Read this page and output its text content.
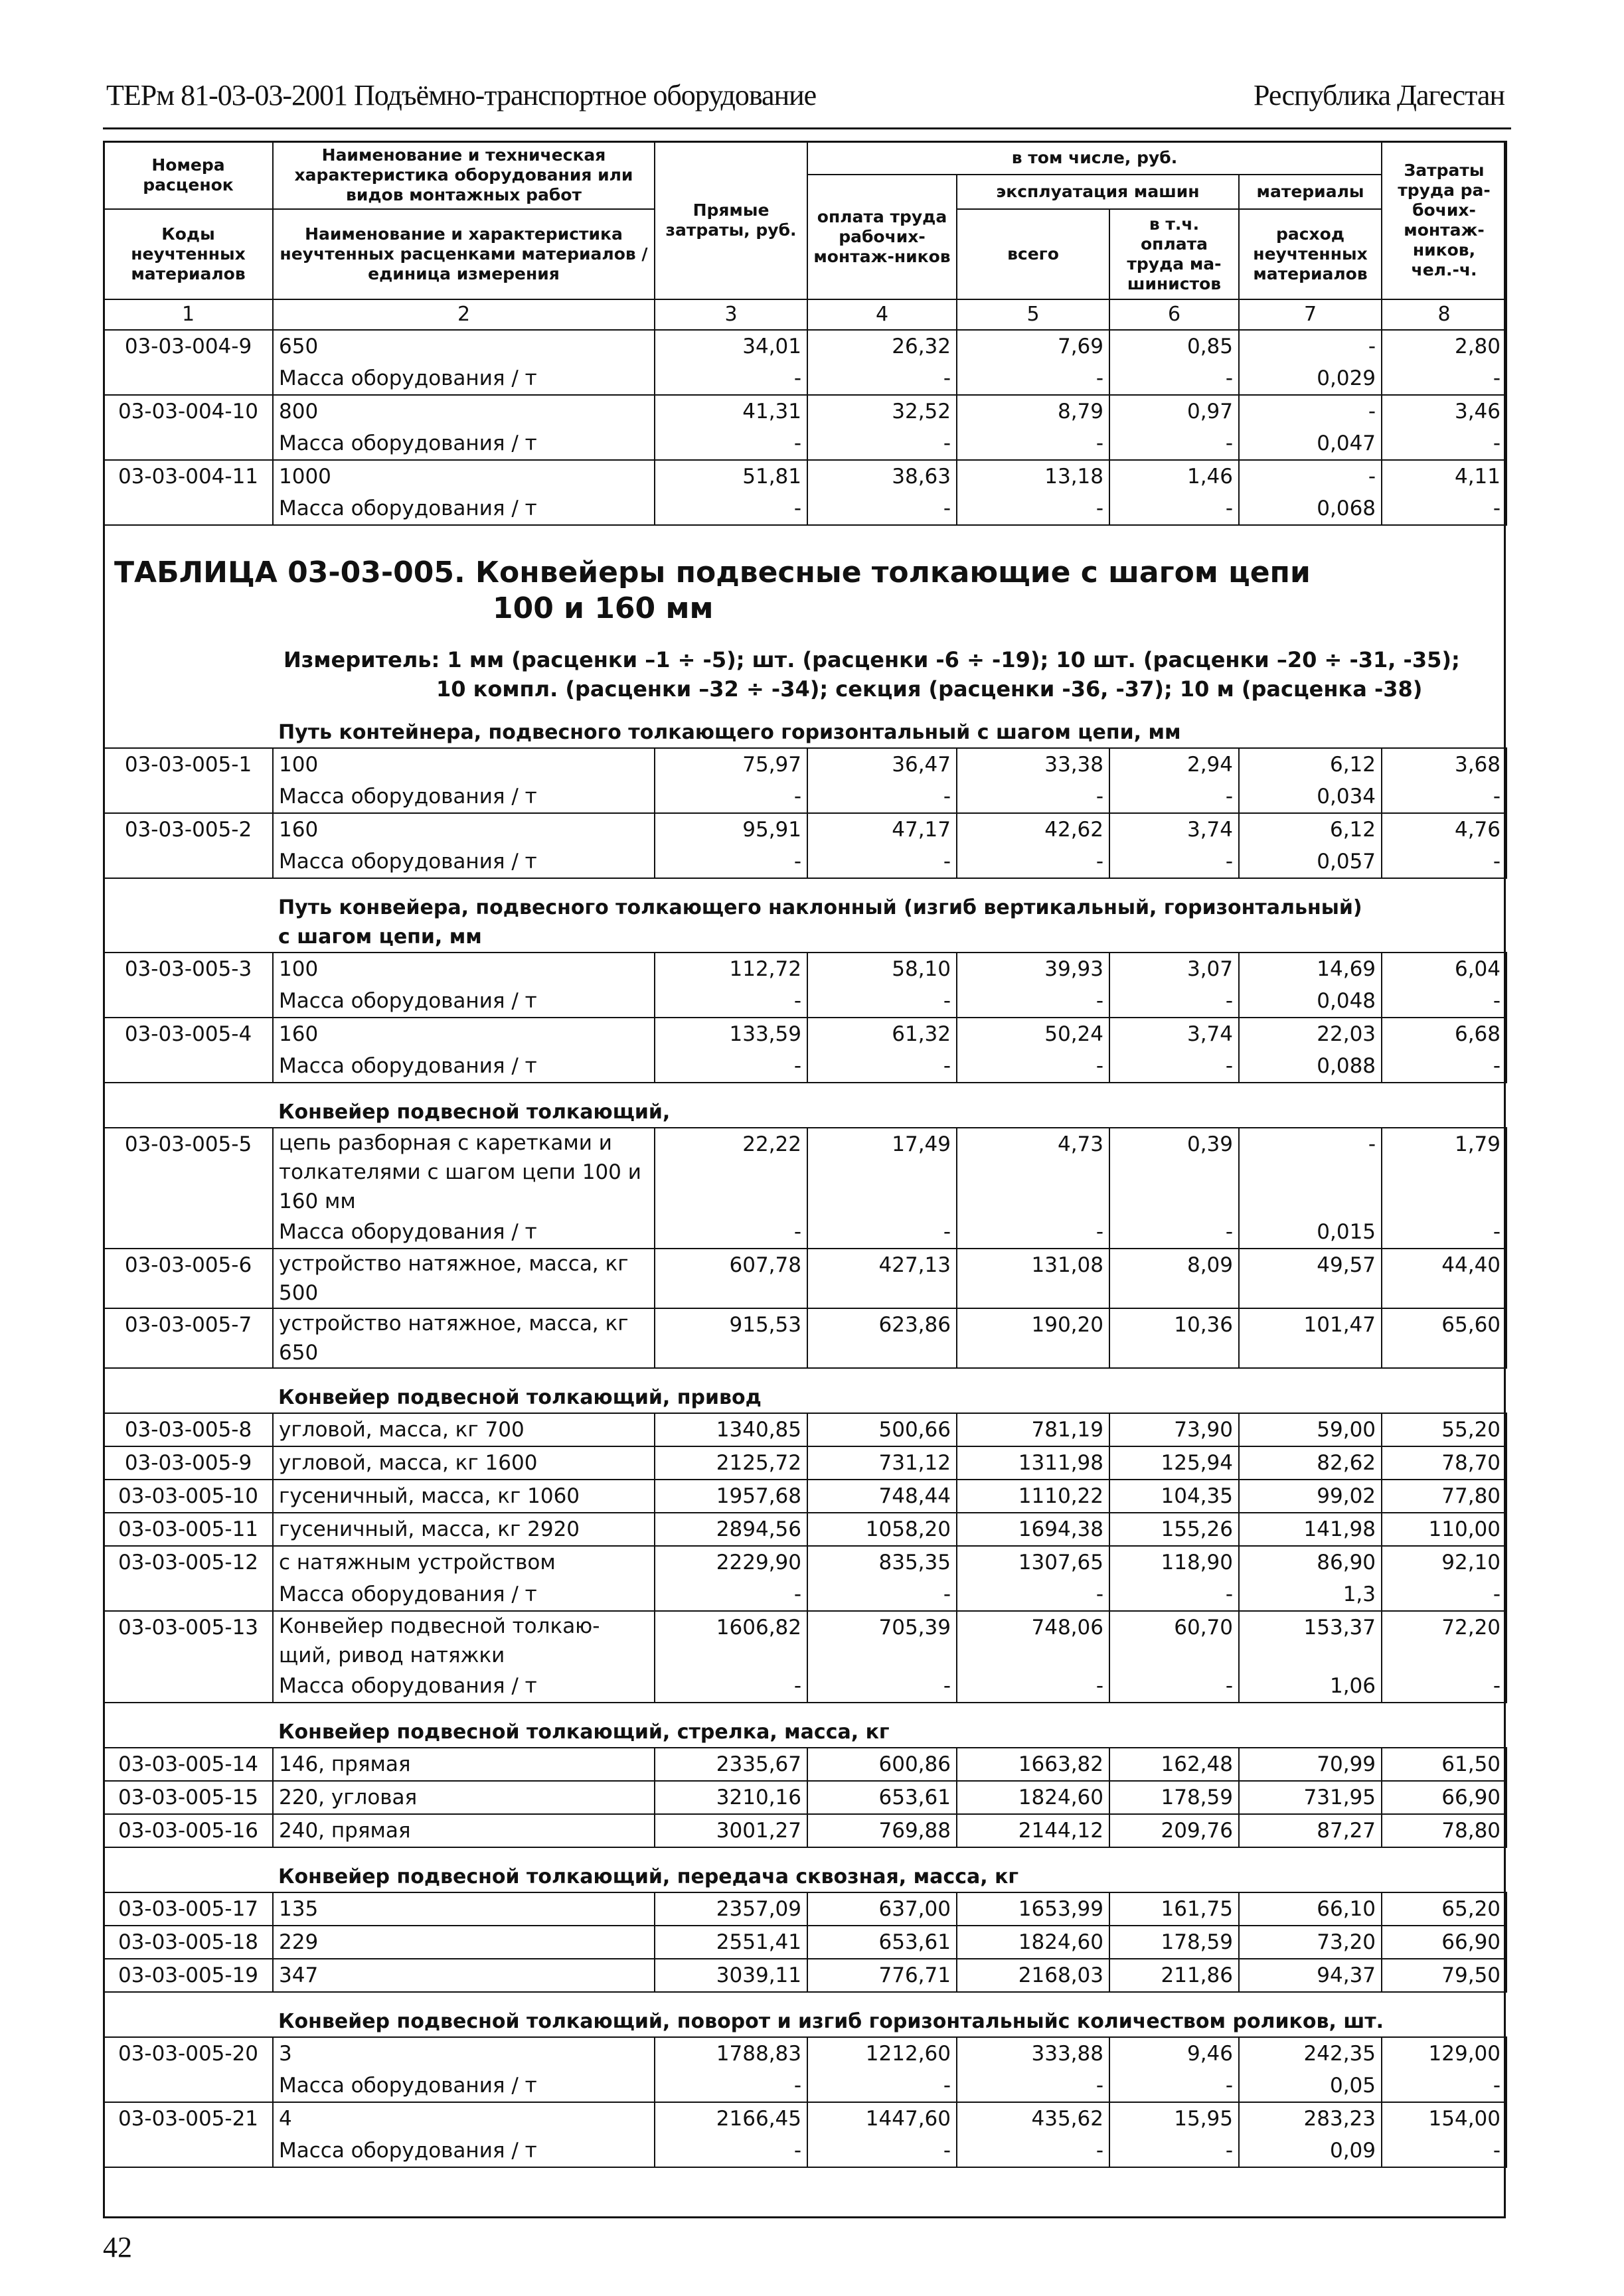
ТЕРм 81-03-03-2001 Подъёмно-транспортное оборудование	Республика Дагестан
Номера расценок	Наименование и техническая характеристика оборудования или видов монтажных работ	Прямые затраты, руб.	в том числе, руб.				Затраты труда ра-бочих-монтаж-ников, чел.-ч.
			оплата труда рабочих-монтаж-ников	эксплуатация машин		материалы	
Коды неучтенных материалов	Наименование и характеристика неучтенных расценками материалов / единица измерения			всего	в т.ч. оплата труда ма-шинистов	расход неучтенных материалов	

1	2	3	4	5	6	7	8
03-03-004-9	650	34,01	26,32	7,69	0,85	-	2,80
	Масса оборудования / т	-	-	-	-	0,029	-
03-03-004-10	800	41,31	32,52	8,79	0,97	-	3,46
	Масса оборудования / т	-	-	-	-	0,047	-
03-03-004-11	1000	51,81	38,63	13,18	1,46	-	4,11
	Масса оборудования / т	-	-	-	-	0,068	-

ТАБЛИЦА 03-03-005. Конвейеры подвесные толкающие с шагом цепи
100 и 160 мм
Измеритель: 1 мм (расценки –1 ÷ -5); шт. (расценки -6 ÷ -19); 10 шт. (расценки –20 ÷ -31, -35);
10 компл. (расценки –32 ÷ -34); секция (расценки -36, -37); 10 м (расценка -38)							

	Путь контейнера, подвесного толкающего горизонтальный с шагом цепи, мм						
03-03-005-1	100	75,97	36,47	33,38	2,94	6,12	3,68
	Масса оборудования / т	-	-	-	-	0,034	-
03-03-005-2	160	95,91	47,17	42,62	3,74	6,12	4,76
	Масса оборудования / т	-	-	-	-	0,057	-

	Путь конвейера, подвесного толкающего наклонный (изгиб вертикальный, горизонтальный)
с шагом цепи, мм						

03-03-005-3	100	112,72	58,10	39,93	3,07	14,69	6,04
	Масса оборудования / т	-	-	-	-	0,048	-
03-03-005-4	160	133,59	61,32	50,24	3,74	22,03	6,68
	Масса оборудования / т	-	-	-	-	0,088	-
	Конвейер подвесной толкающий,						
03-03-005-5	цепь разборная с каретками и толкателями с шагом цепи 100 и 160 мм	22,22	17,49	4,73	0,39	-	1,79
	Масса оборудования / т	-	-	-	-	0,015	-
03-03-005-6	устройство натяжное, масса, кг 500	607,78	427,13	131,08	8,09	49,57	44,40
03-03-005-7	устройство натяжное, масса, кг 650	915,53	623,86	190,20	10,36	101,47	65,60
	Конвейер подвесной толкающий, привод						
03-03-005-8	угловой, масса, кг 700	1340,85	500,66	781,19	73,90	59,00	55,20
03-03-005-9	угловой, масса, кг 1600	2125,72	731,12	1311,98	125,94	82,62	78,70
03-03-005-10	гусеничный, масса, кг 1060	1957,68	748,44	1110,22	104,35	99,02	77,80
03-03-005-11	гусеничный, масса, кг 2920	2894,56	1058,20	1694,38	155,26	141,98	110,00
03-03-005-12	с натяжным устройством	2229,90	835,35	1307,65	118,90	86,90	92,10
	Масса оборудования / т	-	-	-	-	1,3	-
03-03-005-13	Конвейер подвесной толкаю-щий, ривод натяжки	1606,82	705,39	748,06	60,70	153,37	72,20
	Масса оборудования / т	-	-	-	-	1,06	-
	Конвейер подвесной толкающий, стрелка, масса, кг						
03-03-005-14	146, прямая	2335,67	600,86	1663,82	162,48	70,99	61,50
03-03-005-15	220, угловая	3210,16	653,61	1824,60	178,59	731,95	66,90
03-03-005-16	240, прямая	3001,27	769,88	2144,12	209,76	87,27	78,80
	Конвейер подвесной толкающий, передача сквозная, масса, кг						
03-03-005-17	135	2357,09	637,00	1653,99	161,75	66,10	65,20
03-03-005-18	229	2551,41	653,61	1824,60	178,59	73,20	66,90
03-03-005-19	347	3039,11	776,71	2168,03	211,86	94,37	79,50
	Конвейер подвесной толкающий, поворот и изгиб горизонтальныйс количеством роликов, шт.						
03-03-005-20	3	1788,83	1212,60	333,88	9,46	242,35	129,00
	Масса оборудования / т	-	-	-	-	0,05	-
03-03-005-21	4	2166,45	1447,60	435,62	15,95	283,23	154,00
	Масса оборудования / т	-	-	-	-	0,09	-
42
